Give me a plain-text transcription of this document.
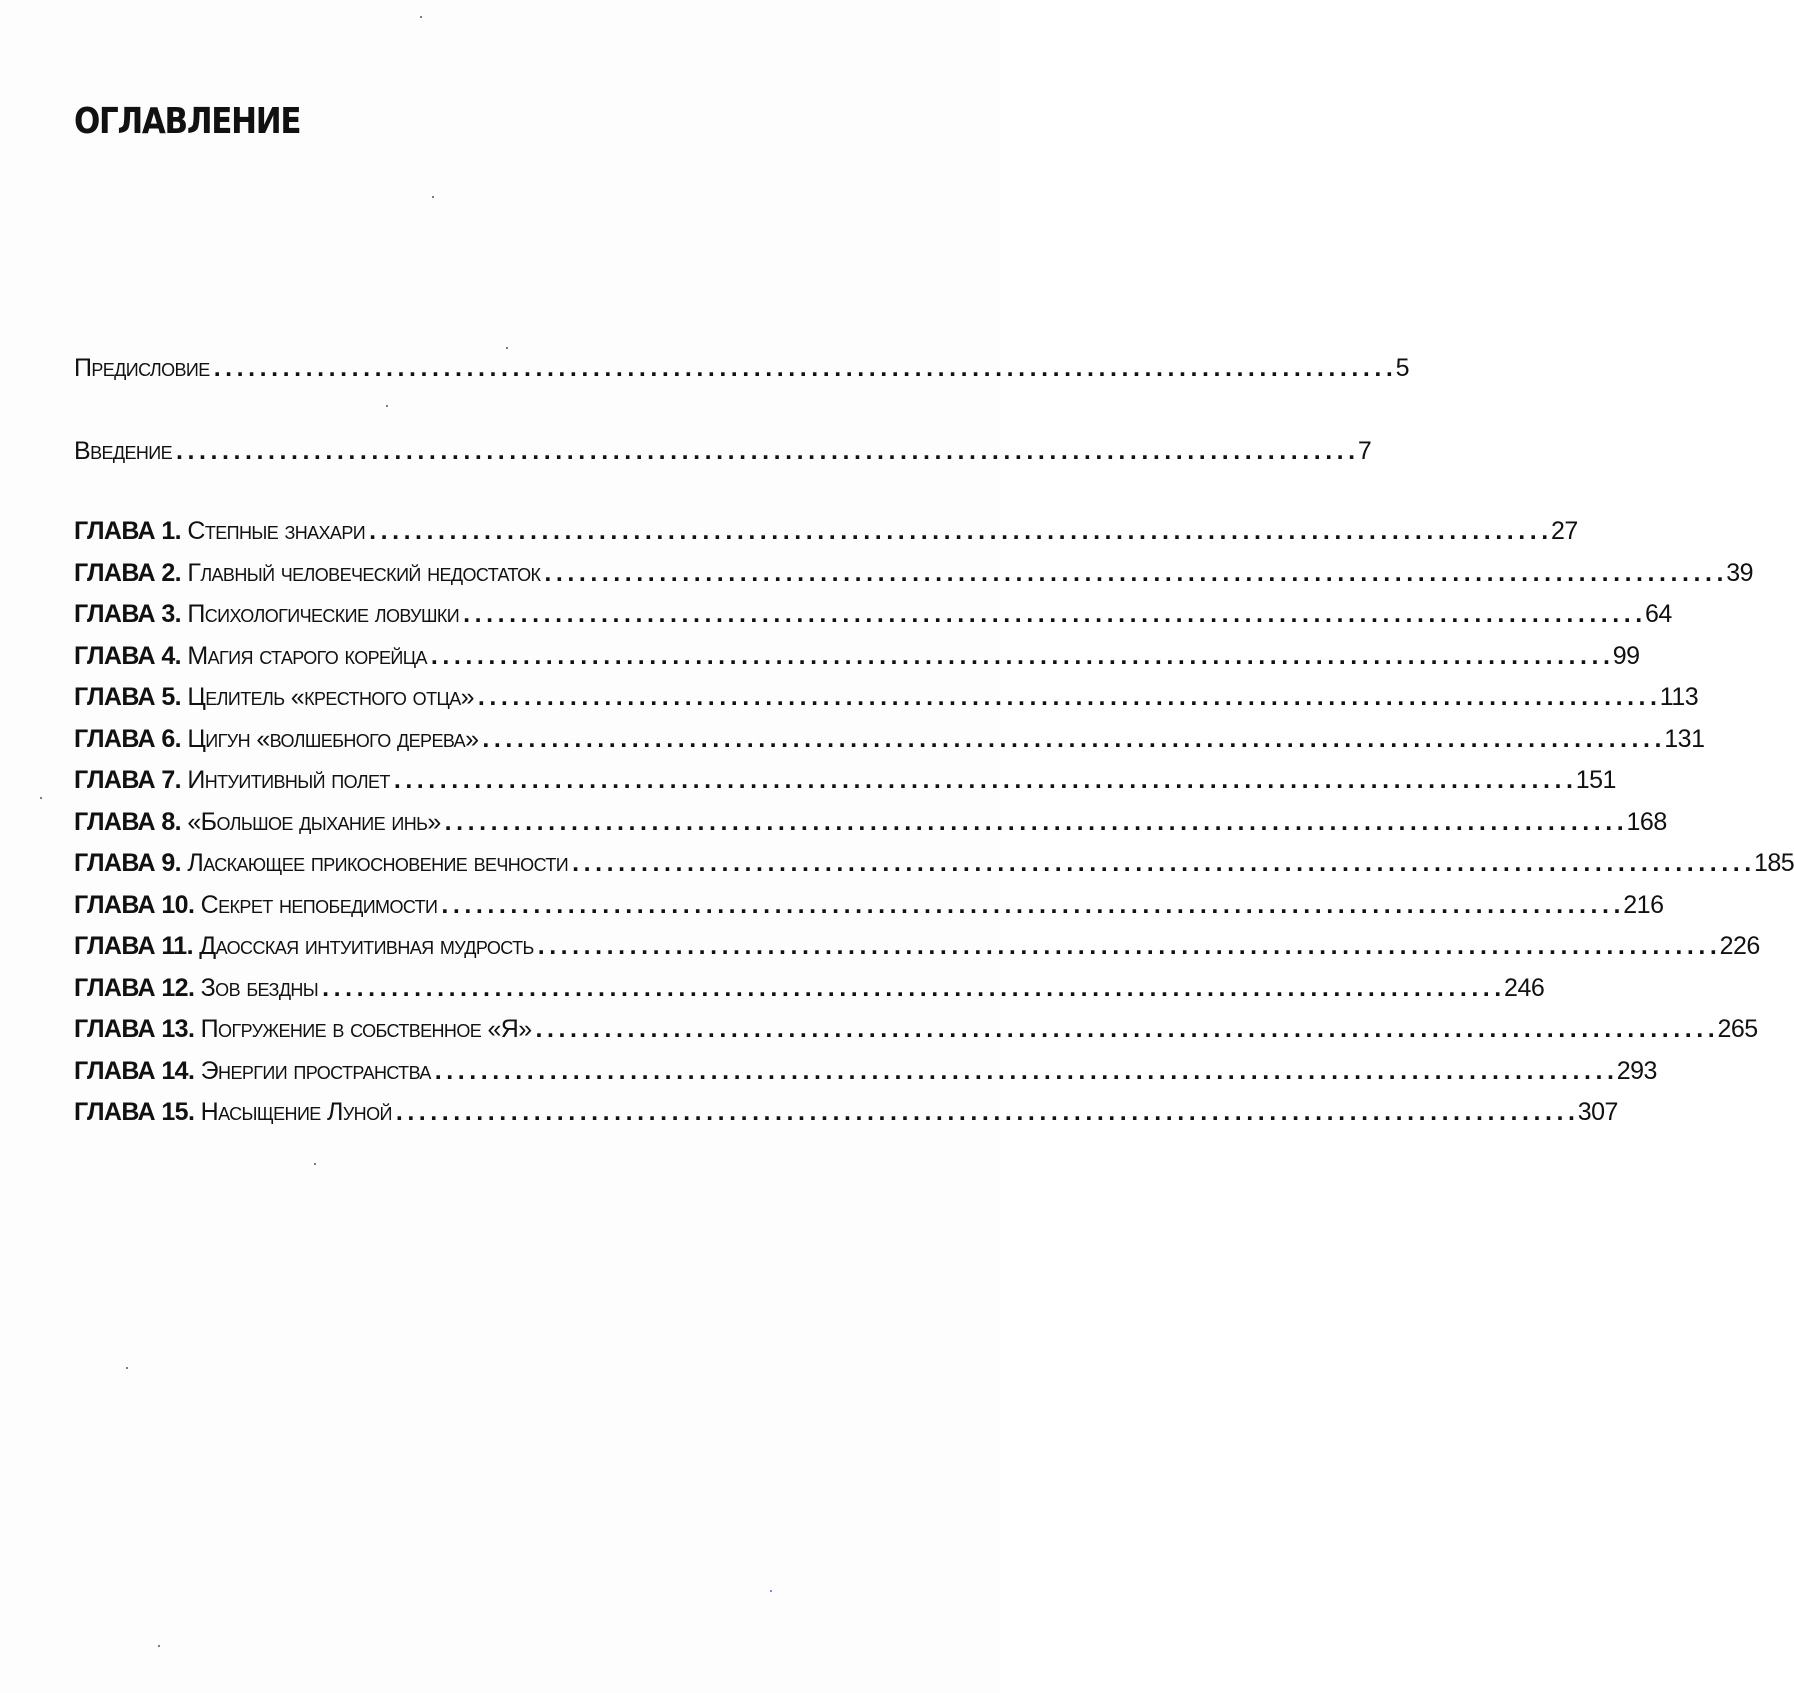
ОГЛАВЛЕНИЕ
Предисловие . . .	5
Введение . . .	7
ГЛАВА 1. Степные знахари . . .	27
ГЛАВА 2. Главный человеческий недостаток . . .	39
ГЛАВА 3. Психологические ловушки . . .	64
ГЛАВА 4. Магия старого корейца . . .	99
ГЛАВА 5. Целитель «крестного отца» . . .	113
ГЛАВА 6. Цигун «волшебного дерева» . . .	131
ГЛАВА 7. Интуитивный полет . . .	151
ГЛАВА 8. «Большое дыхание инь» . . .	168
ГЛАВА 9. Ласкающее прикосновение вечности . . .	185
ГЛАВА 10. Секрет непобедимости . . .	216
ГЛАВА 11. Даосская интуитивная мудрость . . .	226
ГЛАВА 12. Зов бездны . . .	246
ГЛАВА 13. Погружение в собственное «Я» . . .	265
ГЛАВА 14. Энергии пространства . . .	293
ГЛАВА 15. Насыщение Луной . . .	307
